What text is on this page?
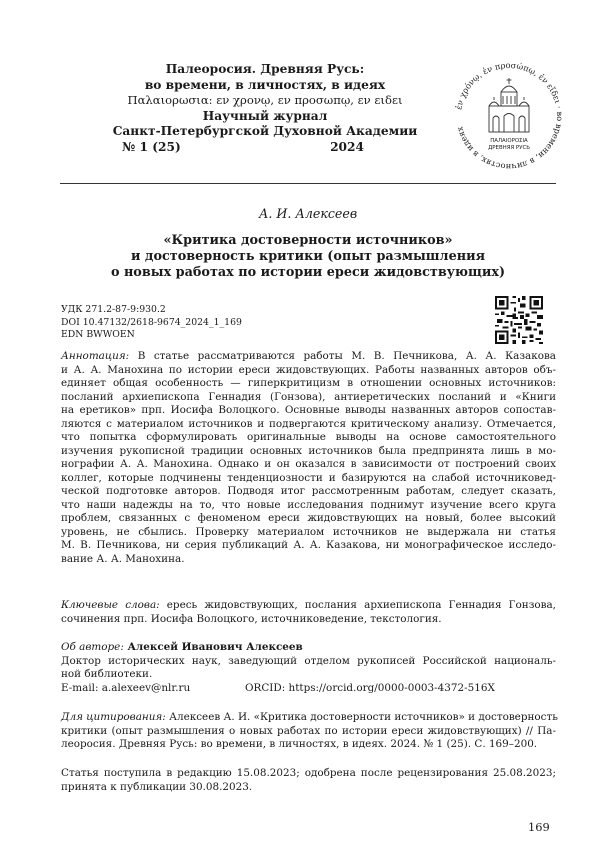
Палеоросия. Древняя Русь:
во времени, в личностях, в идеях
Παλαιορωσια: εν χρονῳ, εν προσωπῳ, εν ειδει
Научный журнал
Санкт-Петербургской Духовной Академии
№ 1 (25)	2024
ἐν χρόνῳ, ἐν προσώπῳ, ἐν εἴδει · во времени, в личностях, в идеях
ПАЛАІОРОΣІА
ДРЕВНЯЯ РУСЬ
А. И. Алексеев
«Критика достоверности источников»
и достоверность критики (опыт размышления
о новых работах по истории ереси жидовствующих)
УДК 271.2-87-9:930.2
DOI 10.47132/2618-9674_2024_1_169
EDN BWWOEN
Аннотация: В статье рассматриваются работы М. В. Печникова, А. А. Казакова
и А. А. Манохина по истории ереси жидовствующих. Работы названных авторов объ-
единяет общая особенность — гиперкритицизм в отношении основных источников:
посланий архиепископа Геннадия (Гонзова), антиеретических посланий и «Книги
на еретиков» прп. Иосифа Волоцкого. Основные выводы названных авторов сопостав-
ляются с материалом источников и подвергаются критическому анализу. Отмечается,
что попытка сформулировать оригинальные выводы на основе самостоятельного
изучения рукописной традиции основных источников была предпринята лишь в мо-
нографии А. А. Манохина. Однако и он оказался в зависимости от построений своих
коллег, которые подчинены тенденциозности и базируются на слабой источниковед-
ческой подготовке авторов. Подводя итог рассмотренным работам, следует сказать,
что наши надежды на то, что новые исследования поднимут изучение всего круга
проблем, связанных с феноменом ереси жидовствующих на новый, более высокий
уровень, не сбылись. Проверку материалом источников не выдержала ни статья
М. В. Печникова, ни серия публикаций А. А. Казакова, ни монографическое исследо-
вание А. А. Манохина.
Ключевые слова: ересь жидовствующих, послания архиепископа Геннадия Гонзова,
сочинения прп. Иосифа Волоцкого, источниковедение, текстология.
Об авторе: Алексей Иванович Алексеев
Доктор исторических наук, заведующий отделом рукописей Российской националь-
ной библиотеки.
E-mail: a.alexeev@nlr.ru	ORCID: https://orcid.org/0000-0003-4372-516X
Для цитирования: Алексеев А. И. «Критика достоверности источников» и достоверность
критики (опыт размышления о новых работах по истории ереси жидовствующих) // Па-
леоросия. Древняя Русь: во времени, в личностях, в идеях. 2024. № 1 (25). С. 169–200.
Статья поступила в редакцию 15.08.2023; одобрена после рецензирования 25.08.2023;
принята к публикации 30.08.2023.
169
